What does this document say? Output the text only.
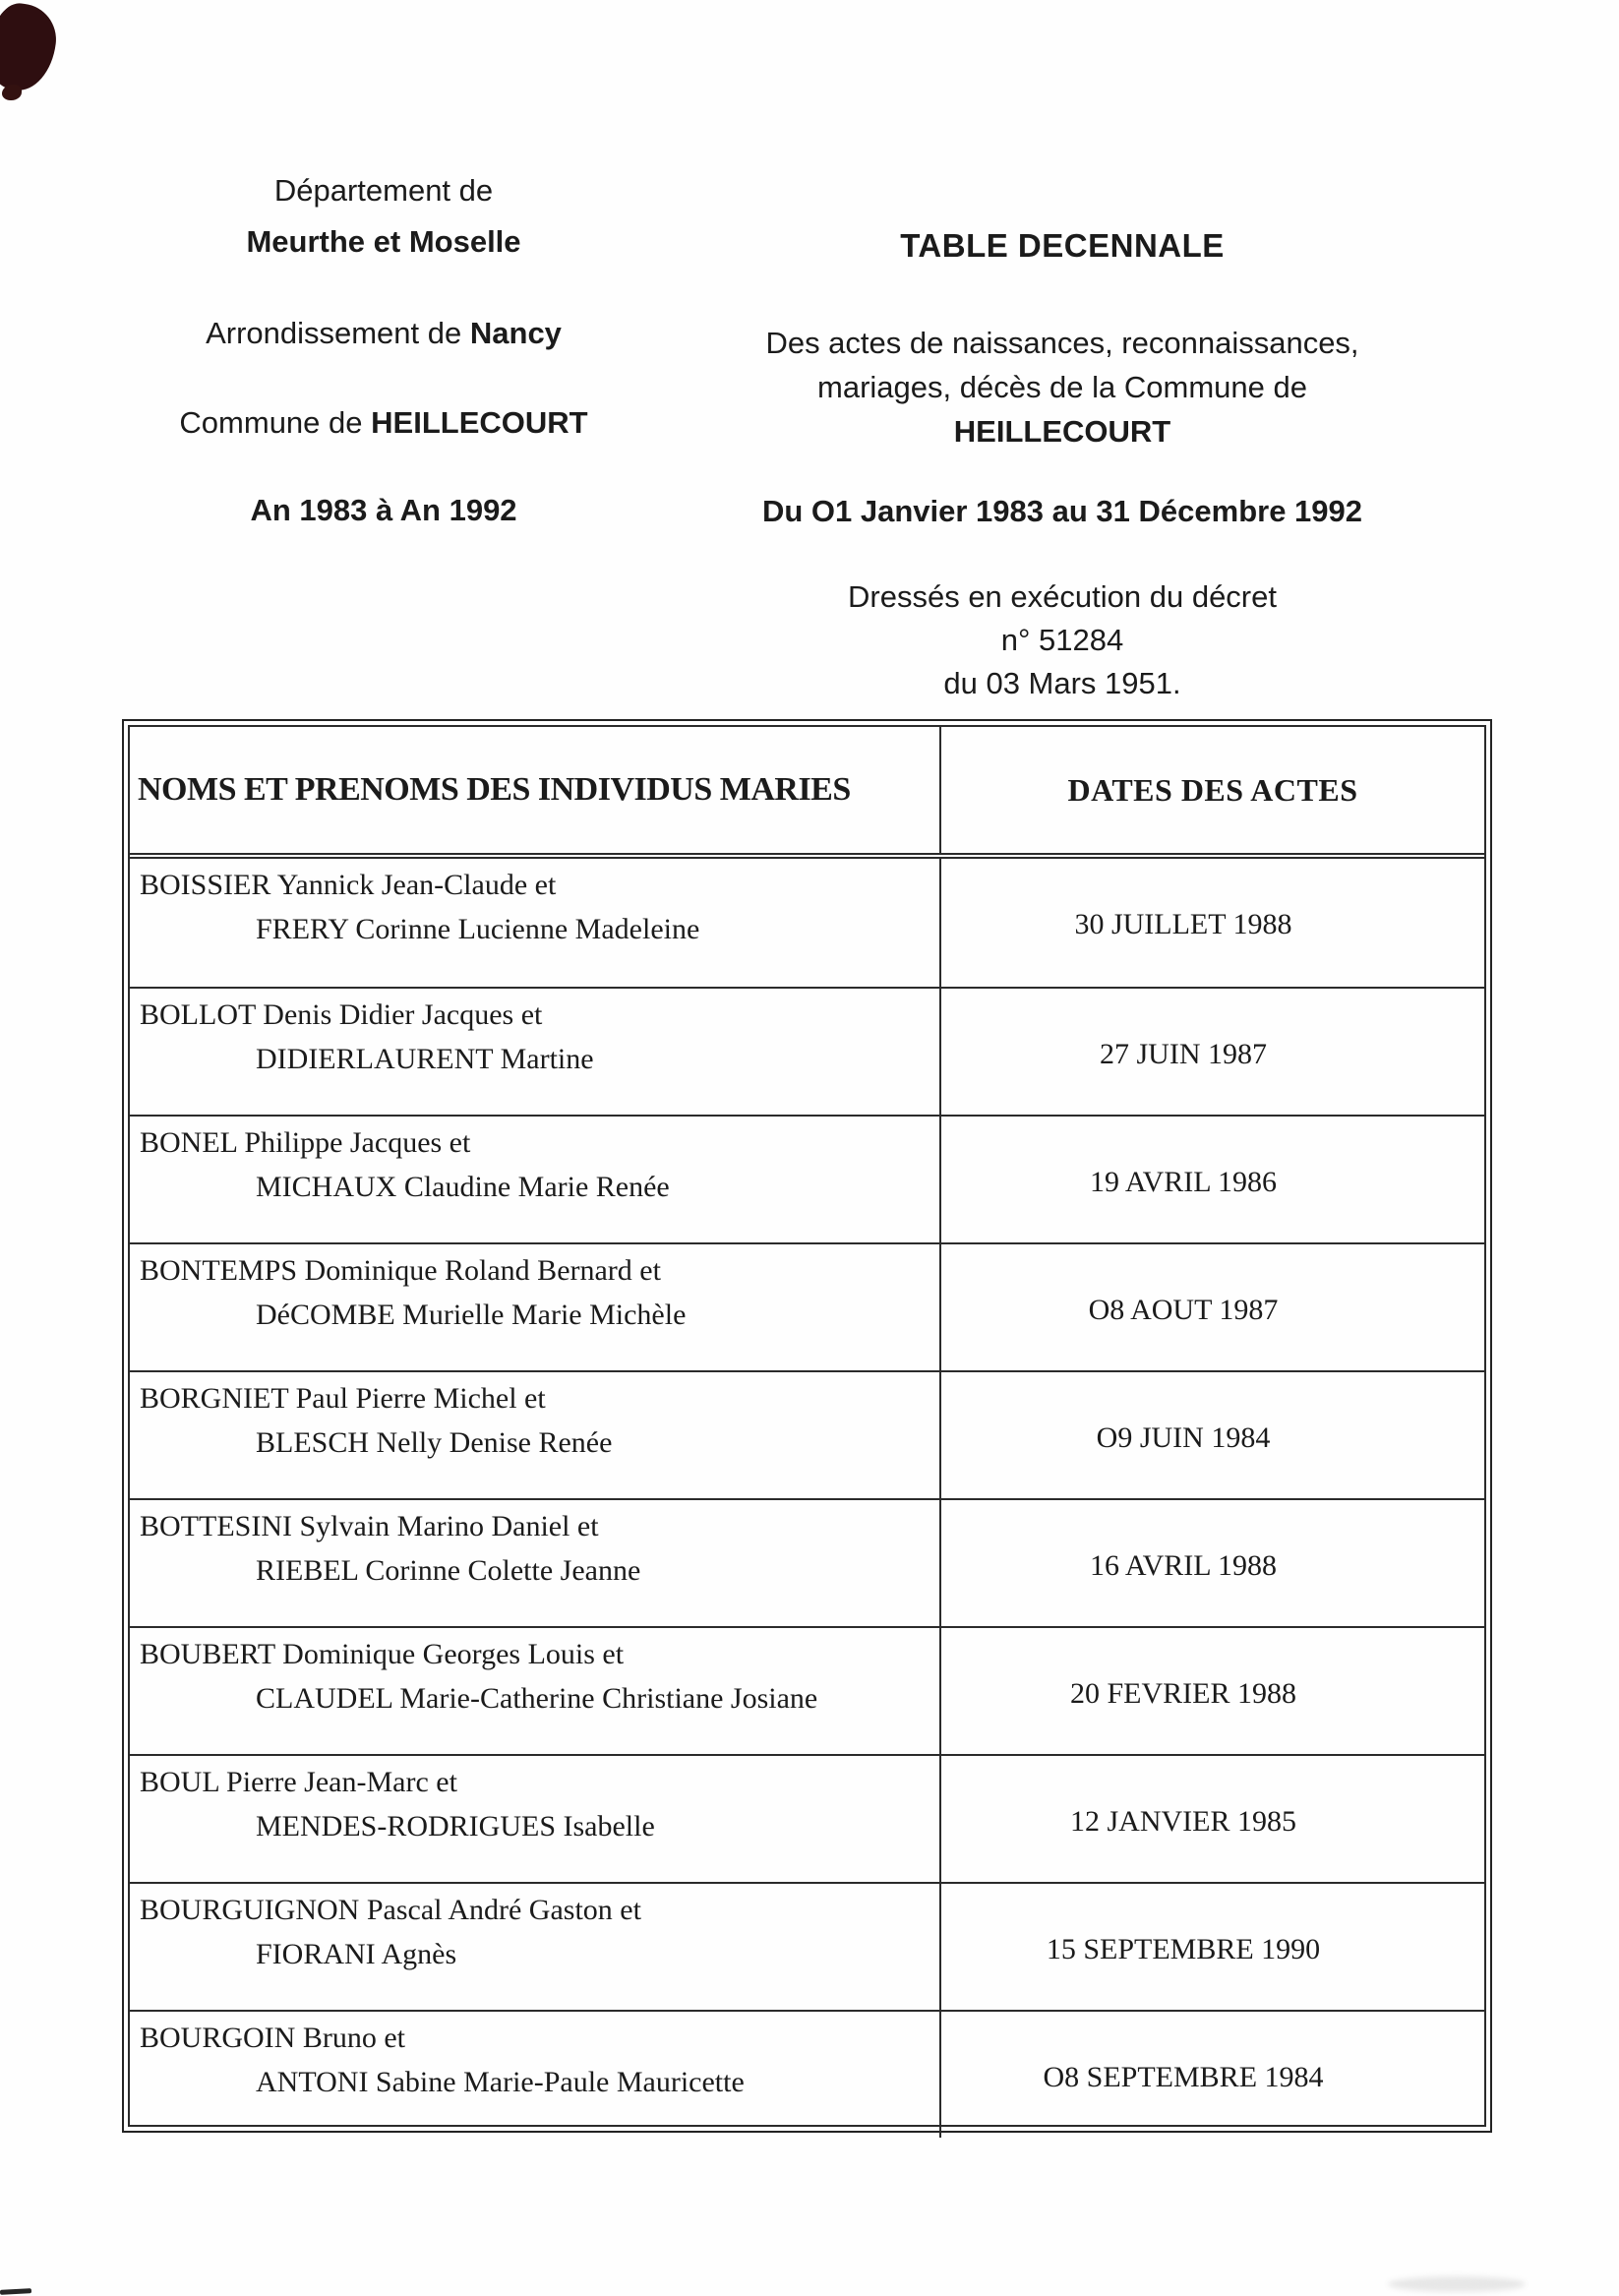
Département de
Meurthe et Moselle
Arrondissement de Nancy
Commune de HEILLECOURT
An 1983 à An 1992
TABLE DECENNALE
Des actes de naissances, reconnaissances,
mariages, décès de la Commune de
HEILLECOURT
Du O1 Janvier 1983 au 31 Décembre 1992
Dressés en exécution du décret
n° 51284
du 03 Mars 1951.
NOMS ET PRENOMS DES INDIVIDUS MARIES	DATES DES ACTES
BOISSIER Yannick Jean-Claude et
FRERY Corinne Lucienne Madeleine	30 JUILLET 1988
BOLLOT Denis Didier Jacques et
DIDIERLAURENT Martine	27 JUIN 1987
BONEL Philippe Jacques et
MICHAUX Claudine Marie Renée	19 AVRIL 1986
BONTEMPS Dominique Roland Bernard et
DéCOMBE Murielle Marie Michèle	O8 AOUT 1987
BORGNIET Paul Pierre Michel et
BLESCH Nelly Denise Renée	O9 JUIN 1984
BOTTESINI Sylvain Marino Daniel et
RIEBEL Corinne Colette Jeanne	16 AVRIL 1988
BOUBERT Dominique Georges Louis et
CLAUDEL Marie-Catherine Christiane Josiane	20 FEVRIER 1988
BOUL Pierre Jean-Marc et
MENDES-RODRIGUES Isabelle	12 JANVIER 1985
BOURGUIGNON Pascal André Gaston et
FIORANI Agnès	15 SEPTEMBRE 1990
BOURGOIN Bruno et
ANTONI Sabine Marie-Paule Mauricette	O8 SEPTEMBRE 1984
